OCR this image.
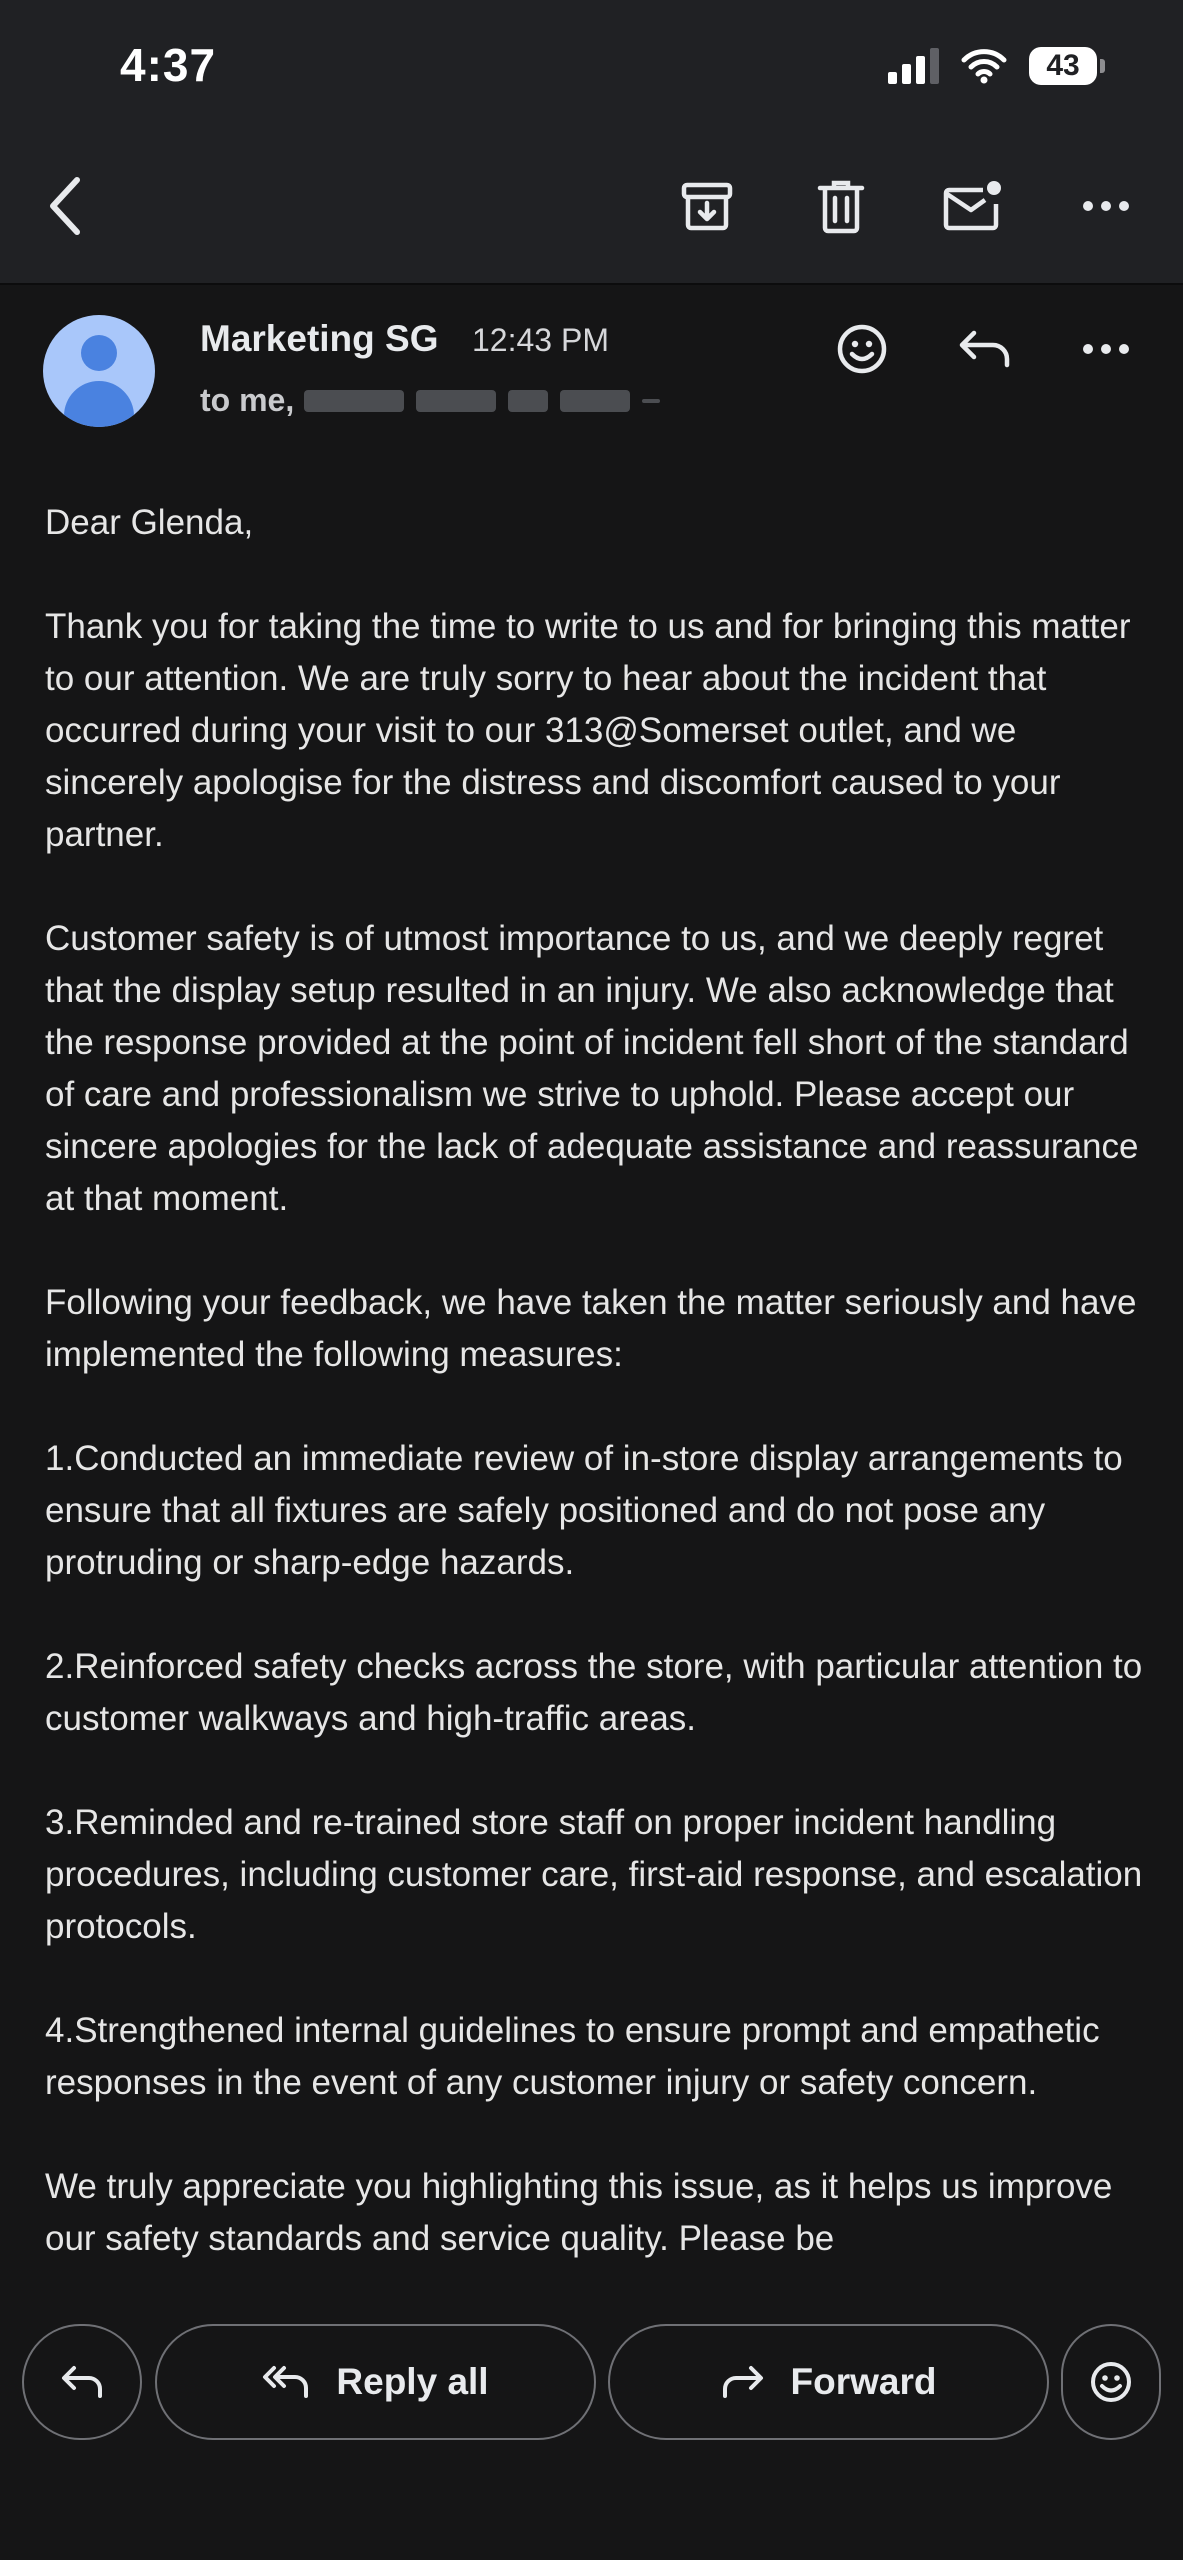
4:37	43
Marketing SG 12:43 PM
to me,

Dear Glenda,

Thank you for taking the time to write to us and for bringing this matter to our attention. We are truly sorry to hear about the incident that occurred during your visit to our 313@Somerset outlet, and we sincerely apologise for the distress and discomfort caused to your partner.

Customer safety is of utmost importance to us, and we deeply regret that the display setup resulted in an injury. We also acknowledge that the response provided at the point of incident fell short of the standard of care and professionalism we strive to uphold. Please accept our sincere apologies for the lack of adequate assistance and reassurance at that moment.

Following your feedback, we have taken the matter seriously and have implemented the following measures:

1.Conducted an immediate review of in-store display arrangements to ensure that all fixtures are safely positioned and do not pose any protruding or sharp-edge hazards.

2.Reinforced safety checks across the store, with particular attention to customer walkways and high-traffic areas.

3.Reminded and re-trained store staff on proper incident handling procedures, including customer care, first-aid response, and escalation protocols.

4.Strengthened internal guidelines to ensure prompt and empathetic responses in the event of any customer injury or safety concern.

We truly appreciate you highlighting this issue, as it helps us improve our safety standards and service quality. Please be

Reply all	Forward
